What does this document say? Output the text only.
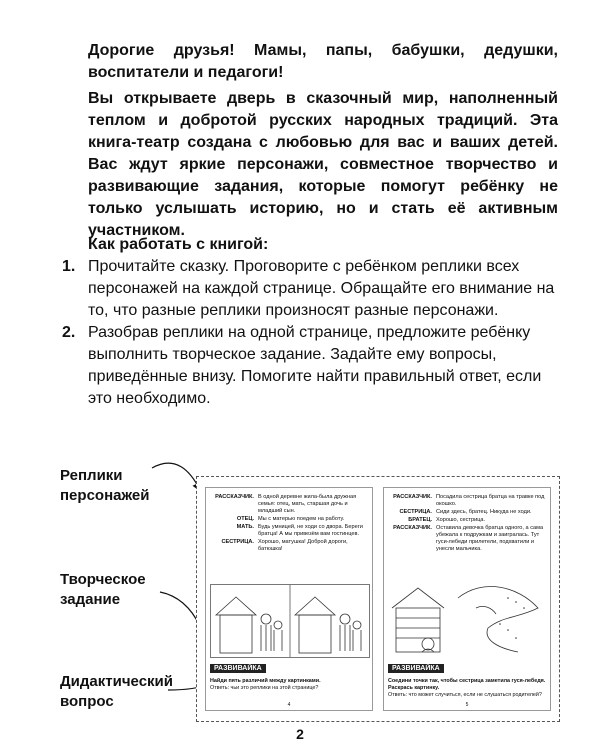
Дорогие друзья! Мамы, папы, бабушки, дедушки, воспитатели и педагоги!

Вы открываете дверь в сказочный мир, наполненный теплом и добротой русских народных традиций. Эта книга-театр создана с любовью для вас и ваших детей. Вас ждут яркие персонажи, совместное творчество и развивающие задания, которые помогут ребёнку не только услышать историю, но и стать её активным участником.

Как работать с книгой:
1. Прочитайте сказку. Проговорите с ребёнком реплики всех персонажей на каждой странице. Обращайте его внимание на то, что разные реплики произносят разные персонажи.
2. Разобрав реплики на одной странице, предложите ребёнку выполнить творческое задание. Задайте ему вопросы, приведённые внизу. Помогите найти правильный ответ, если это необходимо.
Реплики персонажей
Творческое задание
Дидактический вопрос
РАССКАЗЧИК. В одной деревне жила-была дружная семья: отец, мать, старшая дочь и младший сын.
ОТЕЦ. Мы с матерью поедем на работу.
МАТЬ. Будь умницей, не ходи со двора. Береги братца! А мы привезём вам гостинцев.
СЕСТРИЦА. Хорошо, матушка! Доброй дороги, батюшка!
РАЗВИВАЙКА
Найди пять различий между картинками.
Ответь: чьи это реплики на этой странице?
4
РАССКАЗЧИК. Посадила сестрица братца на травке под окошко.
СЕСТРИЦА. Сиди здесь, братец. Никуда не ходи.
БРАТЕЦ. Хорошо, сестрица.
РАССКАЗЧИК. Оставила девочка братца одного, а сама убежала к подружкам и заигралась. Тут гуси-лебеди прилетели, подхватили и унесли мальчика.
РАЗВИВАЙКА
Соедини точки так, чтобы сестрица заметила гуся-лебедя. Раскрась картинку.
Ответь: что может случиться, если не слушаться родителей?
5
2
